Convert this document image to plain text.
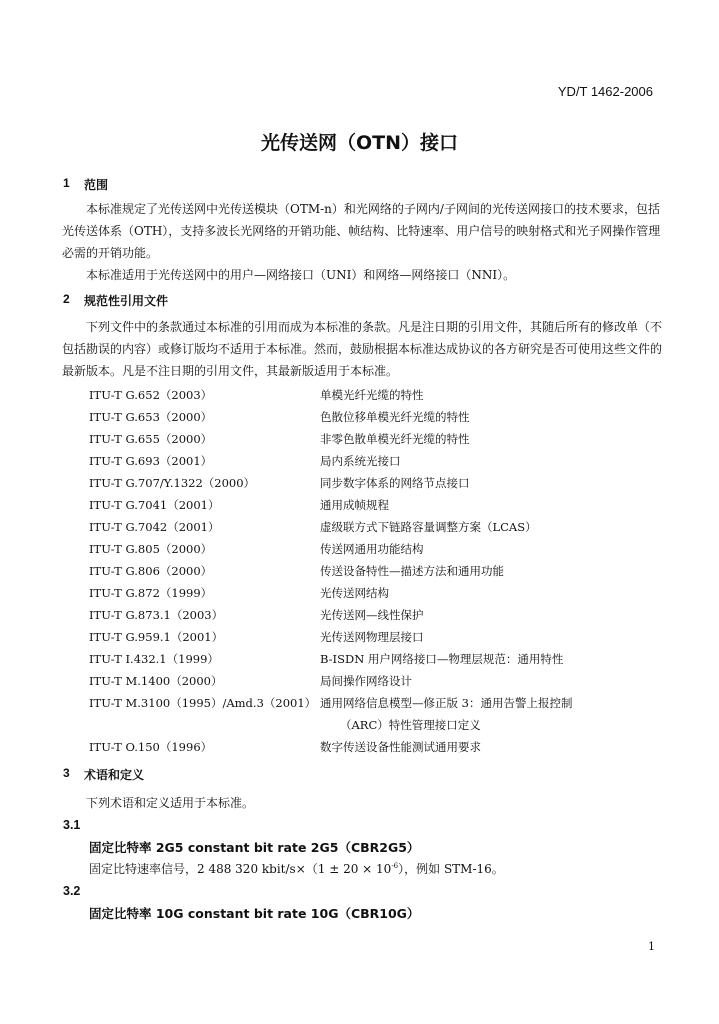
YD/T 1462-2006
光传送网（OTN）接口
1 范围
本标准规定了光传送网中光传送模块（OTM-n）和光网络的子网内/子网间的光传送网接口的技术要求，包括光传送体系（OTH），支持多波长光网络的开销功能、帧结构、比特速率、用户信号的映射格式和光子网操作管理必需的开销功能。
本标准适用于光传送网中的用户—网络接口（UNI）和网络—网络接口（NNI）。
2 规范性引用文件
下列文件中的条款通过本标准的引用而成为本标准的条款。凡是注日期的引用文件，其随后所有的修改单（不包括勘误的内容）或修订版均不适用于本标准。然而，鼓励根据本标准达成协议的各方研究是否可使用这些文件的最新版本。凡是不注日期的引用文件，其最新版适用于本标准。
ITU-T G.652（2003）	单模光纤光缆的特性
ITU-T G.653（2000）	色散位移单模光纤光缆的特性
ITU-T G.655（2000）	非零色散单模光纤光缆的特性
ITU-T G.693（2001）	局内系统光接口
ITU-T G.707/Y.1322（2000）	同步数字体系的网络节点接口
ITU-T G.7041（2001）	通用成帧规程
ITU-T G.7042（2001）	虚级联方式下链路容量调整方案（LCAS）
ITU-T G.805（2000）	传送网通用功能结构
ITU-T G.806（2000）	传送设备特性—描述方法和通用功能
ITU-T G.872（1999）	光传送网结构
ITU-T G.873.1（2003）	光传送网—线性保护
ITU-T G.959.1（2001）	光传送网物理层接口
ITU-T I.432.1（1999）	B-ISDN 用户网络接口—物理层规范：通用特性
ITU-T M.1400（2000）	局间操作网络设计
ITU-T M.3100（1995）/Amd.3（2001） 通用网络信息模型—修正版 3：通用告警上报控制
（ARC）特性管理接口定义
ITU-T O.150（1996）	数字传送设备性能测试通用要求
3 术语和定义
下列术语和定义适用于本标准。
3.1
固定比特率 2G5 constant bit rate 2G5（CBR2G5）
固定比特速率信号，2 488 320 kbit/s×（1 ± $20 \times 10^{-6}$），例如 STM-16。
3.2
固定比特率 10G constant bit rate 10G（CBR10G）
1
